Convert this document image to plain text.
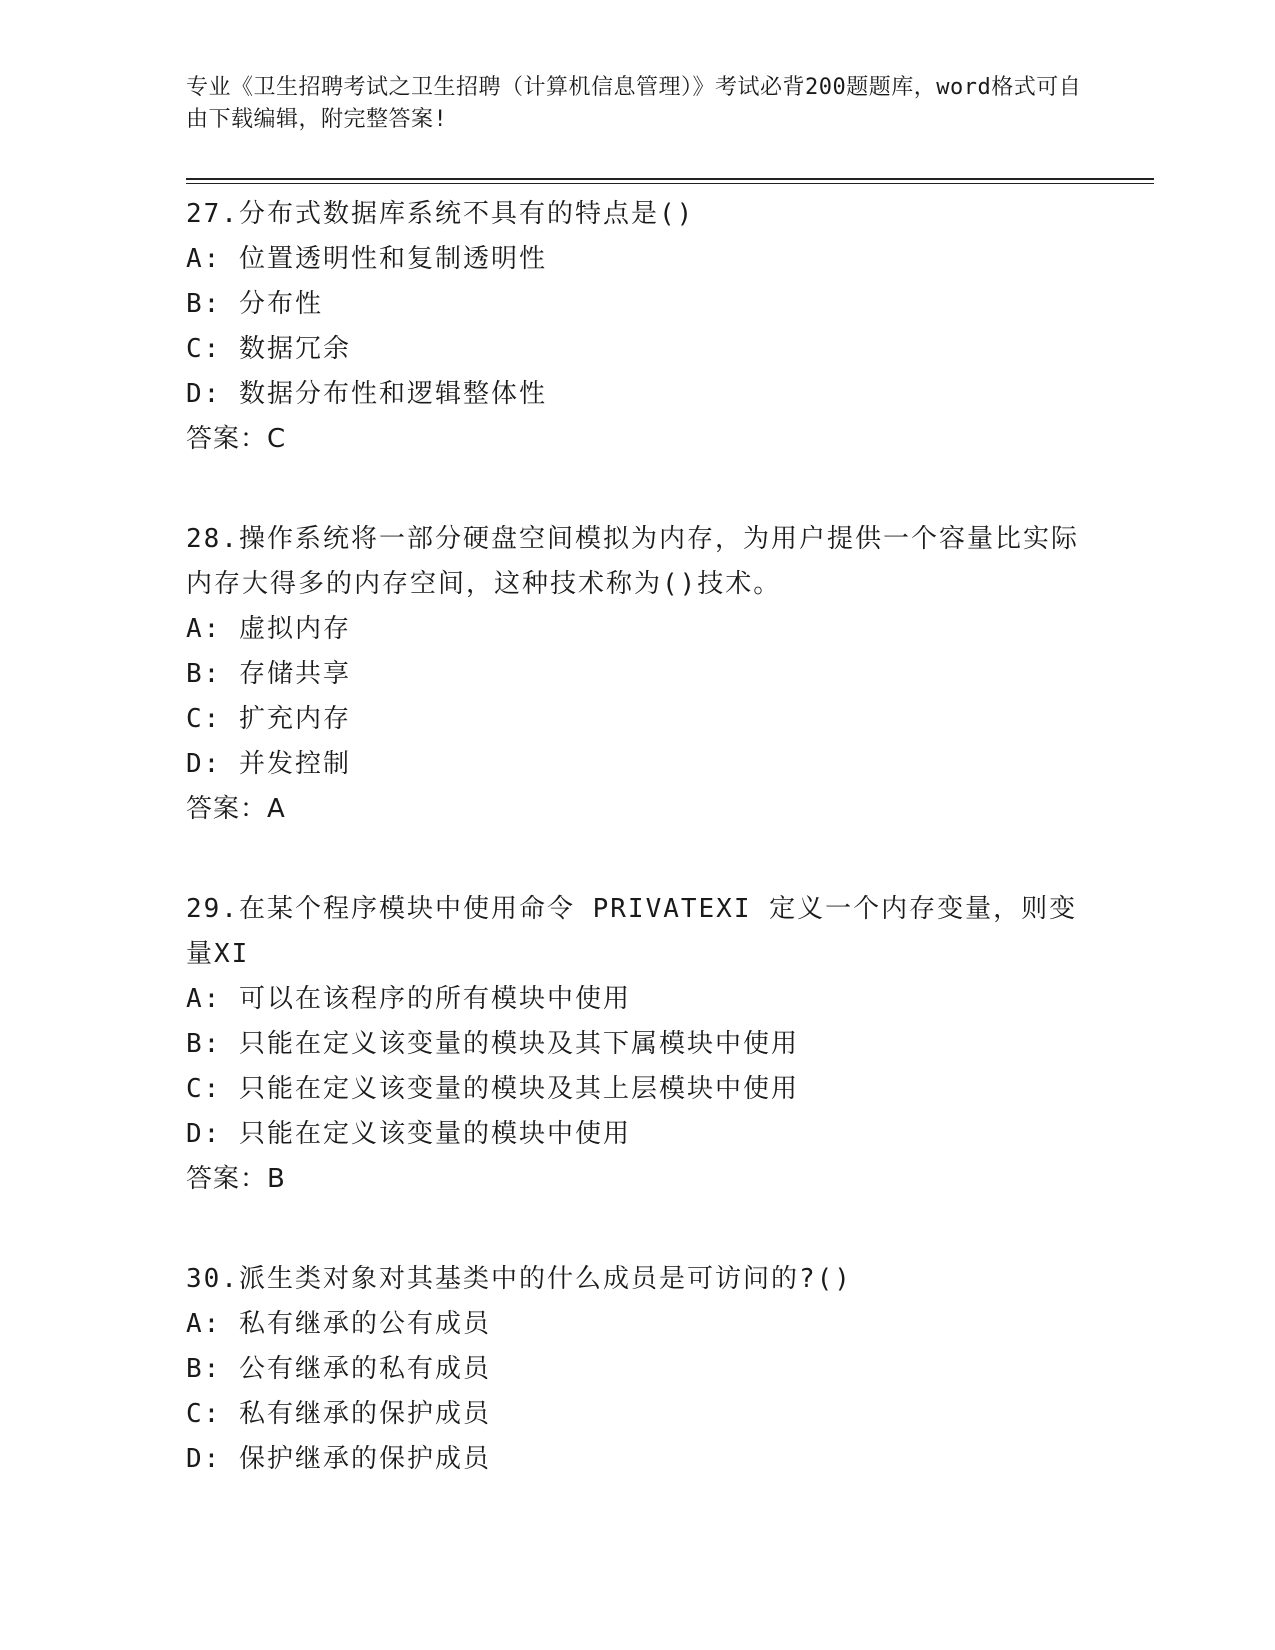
专业《卫生招聘考试之卫生招聘（计算机信息管理）》考试必背200题题库，word格式可自由下载编辑，附完整答案!
27.分布式数据库系统不具有的特点是()
A: 位置透明性和复制透明性
B: 分布性
C: 数据冗余
D: 数据分布性和逻辑整体性
答案：C
28.操作系统将一部分硬盘空间模拟为内存，为用户提供一个容量比实际内存大得多的内存空间，这种技术称为()技术。
A: 虚拟内存
B: 存储共享
C: 扩充内存
D: 并发控制
答案：A
29.在某个程序模块中使用命令 PRIVATEXI 定义一个内存变量，则变量XI
A: 可以在该程序的所有模块中使用
B: 只能在定义该变量的模块及其下属模块中使用
C: 只能在定义该变量的模块及其上层模块中使用
D: 只能在定义该变量的模块中使用
答案：B
30.派生类对象对其基类中的什么成员是可访问的?()
A: 私有继承的公有成员
B: 公有继承的私有成员
C: 私有继承的保护成员
D: 保护继承的保护成员
